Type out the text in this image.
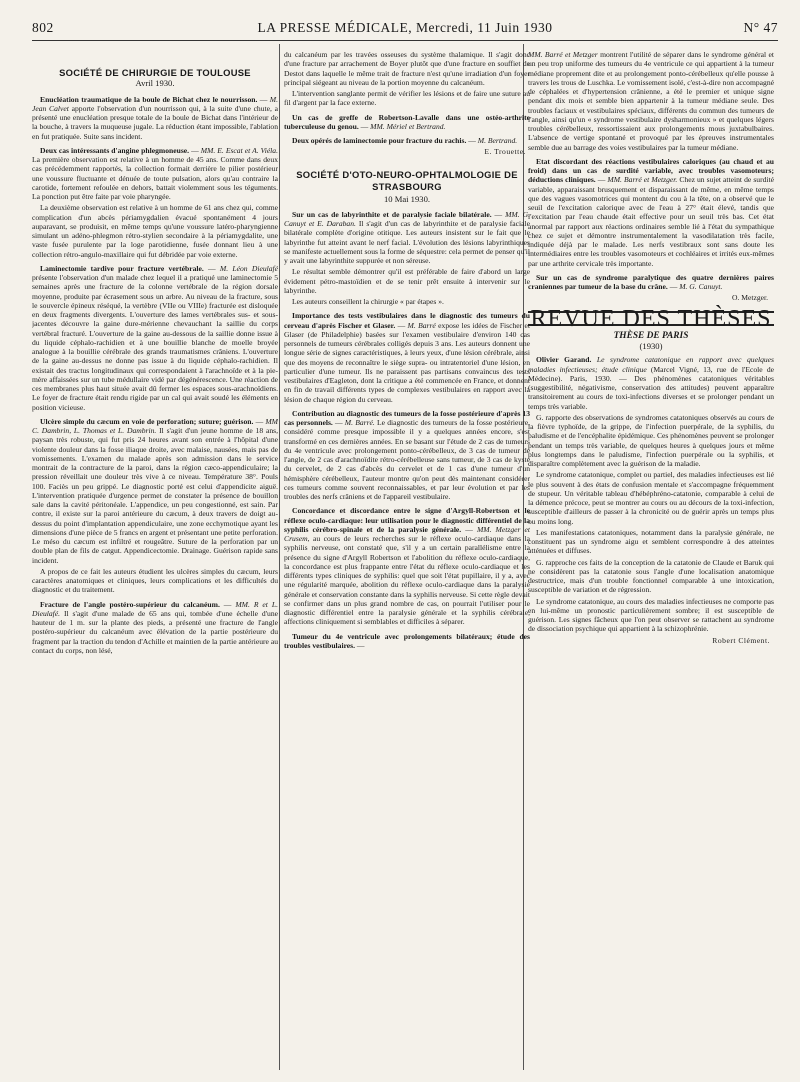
802	LA PRESSE MÉDICALE, Mercredi, 11 Juin 1930	N° 47
SOCIÉTÉ DE CHIRURGIE DE TOULOUSE
Avril 1930.

Enucléation traumatique de la boule de Bichat chez le nourrisson. — M. Jean Calvet apporte l'observation d'un nourrisson qui, à la suite d'une chute, a présenté une enucléation presque totale de la boule de Bichat dans l'intérieur de la bouche, à travers la muqueuse jugale. La réduction étant impossible, l'ablation en fut pratiquée. Suite sans incident.

Deux cas intéressants d'angine phlegmoneuse. — MM. E. Escat et A. Viéla. La première observation est relative à un homme de 45 ans. Comme dans deux cas précédemment rapportés, la collection formait derrière le pilier postérieur une voussure fluctuante et dénuée de toute pulsation, alors qu'au contraire la carotide, fortement refoulée en dehors, battait violemment sous les téguments. La ponction put être faite par voie pharyngée.

La deuxième observation est relative à un homme de 61 ans chez qui, comme complication d'un abcès périamygdalien évacué spontanément 4 jours auparavant, se produisit, en même temps qu'une voussure latéro-pharyngienne simulant un adéno-phlegmon rétro-stylien secondaire à la périamygdalite, une vaste fusée purulente par la loge parotidienne, fusée donnant lieu à une collection rétro-angulo-maxillaire qui fut débridée par voie externe.

Laminectomie tardive pour fracture vertébrale. — M. Léon Dieulafé présente l'observation d'un malade chez lequel il a pratiqué une laminectomie 5 semaines après une fracture de la colonne vertébrale de la région dorsale moyenne, produite par écrasement sous un arbre. Au niveau de la fracture, sous le souvercle épineux réséqué, la vertèbre (VIIe ou VIIIe) fracturée est disloquée en deux fragments divergents. L'ouverture des lames vertébrales sus- et sous-jacentes découvre la gaine dure-mérienne chevauchant la saillie du corps vertébral fracturé. L'ouverture de la gaine au-dessous de la saillie donne issue à du liquide céphalo-rachidien et à une bouillie blanche de moelle broyée analogue à la bouillie cérébrale des grands traumatismes crâniens. L'ouverture de la gaine au-dessus ne donne pas issue à du liquide céphalo-rachidien. Il existait des tractus longitudinaux qui correspondaient à l'arachnoïde et à la pie-mère affaissées sur un tube médullaire vidé par dégénérescence. Une réaction de ces membranes plus haut située avait dû fermer les espaces sous-arachnoïdiens. Le foyer de fracture était rendu rigide par un cal qui avait soudé les éléments en position vicieuse.

Ulcère simple du cæcum en voie de perforation; suture; guérison. — MM C. Dambrin, L. Thomas et L. Dambrin. Il s'agit d'un jeune homme de 18 ans, paysan très robuste, qui fut pris 24 heures avant son entrée à l'hôpital d'une violente douleur dans la fosse iliaque droite, avec malaise, nausées, mais pas de vomissements. L'examen du malade après son admission dans le service montrait de la contracture de la paroi, dans la région cæco-appendiculaire; la pression réveillait une douleur très vive à ce niveau. Température 38°. Pouls 100. Faciès un peu grippé. Le diagnostic porté est celui d'appendicite aiguë. L'intervention pratiquée d'urgence permet de constater la présence de bouillon sale dans la cavité péritonéale. L'appendice, un peu congestionné, est sain. Par contre, il existe sur la paroi antérieure du cæcum, à deux travers de doigt au-dessus du point d'implantation appendiculaire, une zone ecchymotique ayant les dimensions d'une pièce de 5 francs en argent et présentant une petite perforation. Le méso du cæcum est infiltré et rougeâtre. Suture de la perforation par un double plan de fils de catgut. Appendicectomie. Drainage. Guérison rapide sans incident.

A propos de ce fait les auteurs étudient les ulcères simples du cæcum, leurs caractères anatomiques et cliniques, leurs complications et les difficultés du diagnostic et du traitement.

Fracture de l'angle postéro-supérieur du calcanéum. — MM. R et L. Dieulafé. Il s'agit d'une malade de 65 ans qui, tombée d'une échelle d'une hauteur de 1 m. sur la plante des pieds, a présenté une fracture de l'angle postéro-supérieur du calcanéum avec élévation de la partie postérieure du fragment par la traction du tendon d'Achille et maintien de la partie antérieure au contact du corps, non lésé,

du calcanéum par les travées osseuses du système thalamique. Il s'agit donc d'une fracture par arrachement de Boyer plutôt que d'une fracture en souffiet de Destot dans laquelle le même trait de fracture n'est qu'une irradiation d'un foyer principal siégeant au niveau de la portion moyenne du calcanéum.

L'intervention sanglante permit de vérifier les lésions et de faire une suture au fil d'argent par la face externe.

Un cas de greffe de Robertson-Lavalle dans une ostéo-arthrite tuberculeuse du genou. — MM. Mériel et Bertrand.

Deux opérés de laminectomie pour fracture du rachis. — M. Bertrand.

E. Trouette.
SOCIÉTÉ D'OTO-NEURO-OPHTALMOLOGIE DE STRASBOURG
10 Mai 1930.

Sur un cas de labyrinthite et de paralysie faciale bilatérale. — MM. G. Canuyt et E. Daraban. Il s'agit d'un cas de labyrinthite et de paralysie faciale bilatérale complète d'origine otitique. Les auteurs insistent sur le fait que le labyrinthe fut atteint avant le nerf facial. L'évolution des lésions labyrinthiques se manifeste actuellement sous la forme de séquestre: cela permet de penser qu'il y avait une labyrinthite suppurée et non séreuse.

Le résultat semble démontrer qu'il est préférable de faire d'abord un large évidement pétro-mastoïdien et de se tenir prêt ensuite à intervenir sur le labyrinthe.

Les auteurs conseillent la chirurgie « par étapes ».

Importance des tests vestibulaires dans le diagnostic des tumeurs du cerveau d'après Fischer et Glaser. — M. Barré expose les idées de Fischer et Glaser (de Philadelphie) basées sur l'examen vestibulaire d'environ 140 cas personnels de tumeurs cérébrales colligés depuis 3 ans. Les auteurs donnent une longue série de signes caractéristiques, à leurs yeux, d'une lésion cérébrale, ainsi que des moyens de reconnaître le siège supra- ou intratentoriel d'une lésion, en particulier d'une tumeur. Ils ne paraissent pas partisans convaincus des tests vestibulaires d'Eagleton, dont la critique a été commencée en France, et donnent en fin de travail différents types de complexes vestibulaires en rapport avec la lésion de chaque région du cerveau.

Contribution au diagnostic des tumeurs de la fosse postérieure d'après 13 cas personnels. — M. Barré. Le diagnostic des tumeurs de la fosse postérieure, considéré comme presque impossible il y a quelques années encore, s'est transformé en ces dernières années. En se basant sur l'étude de 2 cas de tumeurs du 4e ventricule avec prolongement ponto-cérébelleux, de 3 cas de tumeur de l'angle, de 2 cas d'arachnoïdite rétro-cérébelleuse sans tumeur, de 3 cas de kyste du cervelet, de 2 cas d'abcès du cervelet et de 1 cas d'une tumeur d'un hémisphère cérébelleux, l'auteur montre qu'on peut dès maintenant considérer ces tumeurs comme souvent reconnaissables, et par leur évolution et par les troubles des nerfs crâniens et de l'appareil vestibulaire.

Concordance et discordance entre le signe d'Argyll-Robertson et le réflexe oculo-cardiaque: leur utilisation pour le diagnostic différentiel de la syphilis cérébro-spinale et de la paralysie générale. — MM. Metzger et Crusem, au cours de leurs recherches sur le réflexe oculo-cardiaque dans la syphilis nerveuse, ont constaté que, s'il y a un certain parallélisme entre la présence du signe d'Argyll Robertson et l'abolition du réflexe oculo-cardiaque, la concordance est plus frappante entre l'état du réflexe oculo-cardiaque et les différents types cliniques de syphilis: quel que soit l'état pupillaire, il y a, avec une régularité marquée, abolition du réflexe oculo-cardiaque dans la paralysie générale et conservation constante dans la syphilis nerveuse. Si cette règle devait se confirmer dans un plus grand nombre de cas, on pourrait l'utiliser pour le diagnostic différentiel entre la paralysie générale et la syphilis cérébrale, affections cliniquement si semblables et difficiles à séparer.

Tumeur du 4e ventricule avec prolongements bilatéraux; étude des troubles vestibulaires. —

MM. Barré et Metzger montrent l'utilité de séparer dans le syndrome général et un peu trop uniforme des tumeurs du 4e ventricule ce qui appartient à la tumeur médiane proprement dite et au prolongement ponto-cérébelleux qu'elle pousse à travers les trous de Luschka. Le vomissement isolé, c'est-à-dire non accompagné de céphalées et d'hypertension crânienne, a été le premier et unique signe pendant dix mois et semble bien appartenir à la tumeur médiane seule. Des troubles faciaux et vestibulaires spéciaux, différents du commun des tumeurs de l'angle, ainsi qu'un « syndrome vestibulaire dysharmonieux » et quelques légers troubles cérébelleux, ressortissaient aux prolongements mous juxtabulbaires. L'absence de vertige spontané et provoqué par les épreuves instrumentales semble due au barrage des voies vestibulaires par la tumeur médiane.

Etat discordant des réactions vestibulaires caloriques (au chaud et au froid) dans un cas de surdité variable, avec troubles vasomoteurs; déductions cliniques. — MM. Barré et Metzger. Chez un sujet atteint de surdité variable, apparaissant brusquement et disparaissant de même, en même temps que des vagues vasomotrices qui montent du cou à la tête, on a observé que le seuil de l'excitation calorique avec de l'eau à 27° était élevé, tandis que l'excitation par l'eau chaude était effective pour un seuil très bas. Cet état anormal par rapport aux réactions ordinaires semble lié à l'état du sympathique chez ce sujet et démontre instrumentalement la vasodilatation très facile, indiquée déjà par le malade. Les nerfs vestibraux sont sans doute les intermédiaires entre les troubles vasomoteurs et cochléaires et irrités eux-mêmes par une arthrite cervicale très importante.

Sur un cas de syndrome paralytique des quatre dernières paires craniennes par tumeur de la base du crâne. — M. G. Canuyt.

O. Metzger.
REVUE DES THÈSES
THÈSE DE PARIS
(1930)

Olivier Garand. Le syndrome catatonique en rapport avec quelques maladies infectieuses; étude clinique (Marcel Vigné, 13, rue de l'Ecole de Médecine). Paris, 1930. — Des phénomènes catatoniques véritables (suggestibilité, négativisme, conservation des attitudes) peuvent apparaître transitoirement au cours de toxi-infections diverses et se prolonger pendant un temps très variable.

G. rapporte des observations de syndromes catatoniques observés au cours de la fièvre typhoïde, de la grippe, de l'infection puerpérale, de la syphilis, du paludisme et de l'encéphalite épidémique. Ces phénomènes peuvent se prolonger pendant un temps très variable, de quelques heures à quelques jours et même plus longtemps dans le paludisme, l'infection puerpérale ou la syphilis, et disparaître complètement avec la guérison de la maladie.

Le syndrome catatonique, complet ou partiel, des maladies infectieuses est lié le plus souvent à des états de confusion mentale et s'accompagne fréquemment de stupeur. Un véritable tableau d'hébéphréno-catatonie, comparable à celui de la démence précoce, peut se montrer au cours ou au décours de la toxi-infection, susceptible d'ailleurs de passer à la chronicité ou de guérir après un temps plus ou moins long.

Les manifestations catatoniques, notamment dans la paralysie générale, ne constituent pas un syndrome aigu et semblent correspondre à des atteintes atténuées et diffuses.

G. rapproche ces faits de la conception de la catatonie de Claude et Baruk qui ne considèrent pas la catatonie sous l'angle d'une localisation anatomique destructrice, mais d'un trouble fonctionnel comparable à une intoxication, susceptible de variation et de régression.

Le syndrome catatonique, au cours des maladies infectieuses ne comporte pas en lui-même un pronostic particulièrement sombre; il est susceptible de guérison. Les signes fâcheux que l'on peut observer se rattachent au syndrome de dissociation psychique qui appartient à la schizophrénie.

Robert Clément.
